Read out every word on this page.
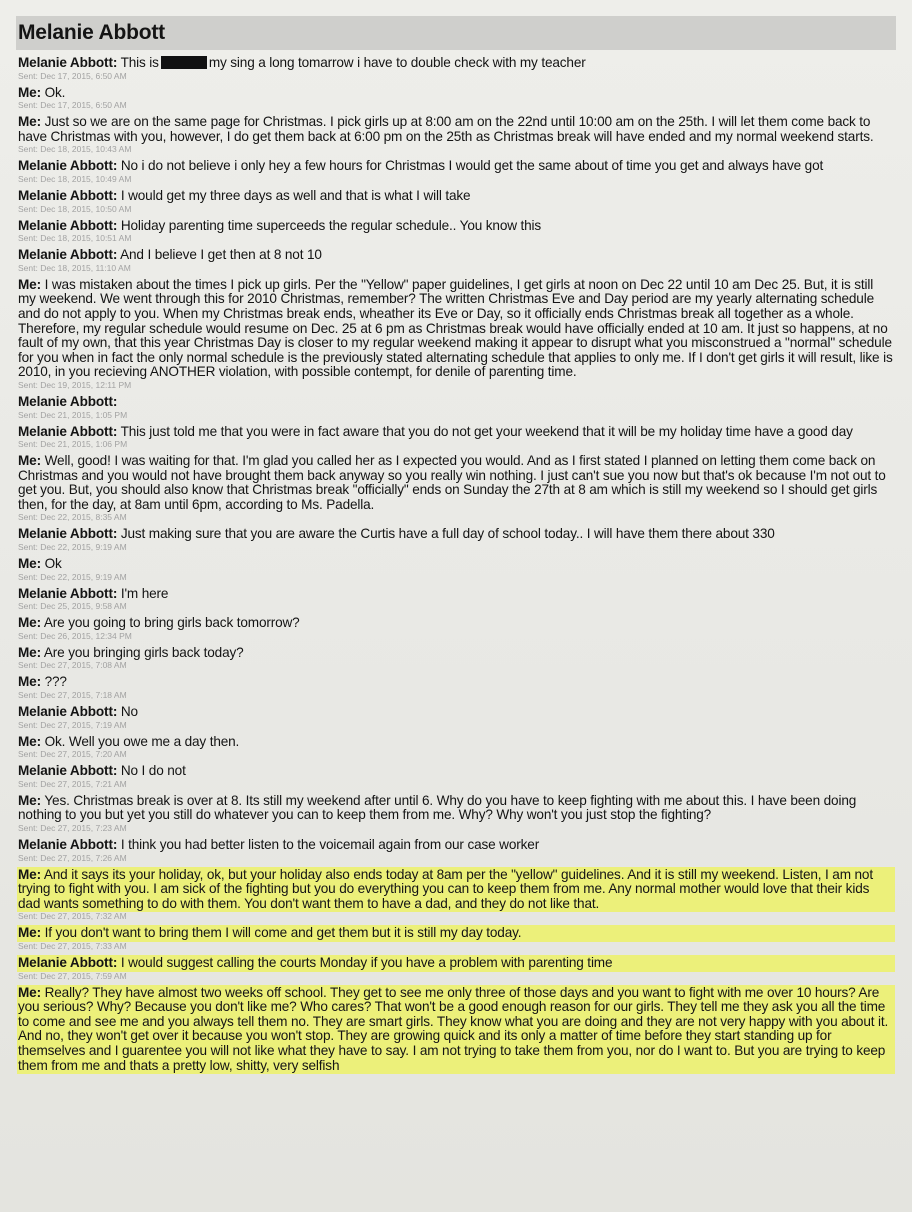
Melanie Abbott
Melanie Abbott: This is	my sing a long tomarrow i have to double check with my teacher
Sent: Dec 17, 2015, 6:50 AM
Me: Ok.
Sent: Dec 17, 2015, 6:50 AM
Me: Just so we are on the same page for Christmas. I pick girls up at 8:00 am on the 22nd until 10:00 am on the 25th. I will let them come back to have Christmas with you, however, I do get them back at 6:00 pm on the 25th as Christmas break will have ended and my normal weekend starts.
Sent: Dec 18, 2015, 10:43 AM
Melanie Abbott: No i do not believe i only hey a few hours for Christmas I would get the same about of time you get and always have got
Sent: Dec 18, 2015, 10:49 AM
Melanie Abbott: I would get my three days as well and that is what I will take
Sent: Dec 18, 2015, 10:50 AM
Melanie Abbott: Holiday parenting time superceeds the regular schedule.. You know this
Sent: Dec 18, 2015, 10:51 AM
Melanie Abbott: And I believe I get then at 8 not 10
Sent: Dec 18, 2015, 11:10 AM
Me: I was mistaken about the times I pick up girls. Per the "Yellow" paper guidelines, I get girls at noon on Dec 22 until 10 am Dec 25. But, it is still my weekend. We went through this for 2010 Christmas, remember? The written Christmas Eve and Day period are my yearly alternating schedule and do not apply to you. When my Christmas break ends, wheather its Eve or Day, so it officially ends Christmas break all together as a whole. Therefore, my regular schedule would resume on Dec. 25 at 6 pm as Christmas break would have officially ended at 10 am. It just so happens, at no fault of my own, that this year Christmas Day is closer to my regular weekend making it appear to disrupt what you misconstrued a "normal" schedule for you when in fact the only normal schedule is the previously stated alternating schedule that applies to only me. If I don't get girls it will result, like is 2010, in you recieving ANOTHER violation, with possible contempt, for denile of parenting time.
Sent: Dec 19, 2015, 12:11 PM
Melanie Abbott:
Sent: Dec 21, 2015, 1:05 PM
Melanie Abbott: This just told me that you were in fact aware that you do not get your weekend that it will be my holiday time have a good day
Sent: Dec 21, 2015, 1:06 PM
Me: Well, good! I was waiting for that. I'm glad you called her as I expected you would. And as I first stated I planned on letting them come back on Christmas and you would not have brought them back anyway so you really win nothing. I just can't sue you now but that's ok because I'm not out to get you. But, you should also know that Christmas break "officially" ends on Sunday the 27th at 8 am which is still my weekend so I should get girls then, for the day, at 8am until 6pm, according to Ms. Padella.
Sent: Dec 22, 2015, 8:35 AM
Melanie Abbott: Just making sure that you are aware the Curtis have a full day of school today.. I will have them there about 330
Sent: Dec 22, 2015, 9:19 AM
Me: Ok
Sent: Dec 22, 2015, 9:19 AM
Melanie Abbott: I'm here
Sent: Dec 25, 2015, 9:58 AM
Me: Are you going to bring girls back tomorrow?
Sent: Dec 26, 2015, 12:34 PM
Me: Are you bringing girls back today?
Sent: Dec 27, 2015, 7:08 AM
Me: ???
Sent: Dec 27, 2015, 7:18 AM
Melanie Abbott: No
Sent: Dec 27, 2015, 7:19 AM
Me: Ok. Well you owe me a day then.
Sent: Dec 27, 2015, 7:20 AM
Melanie Abbott: No I do not
Sent: Dec 27, 2015, 7:21 AM
Me: Yes. Christmas break is over at 8. Its still my weekend after until 6. Why do you have to keep fighting with me about this. I have been doing nothing to you but yet you still do whatever you can to keep them from me. Why? Why won't you just stop the fighting?
Sent: Dec 27, 2015, 7:23 AM
Melanie Abbott: I think you had better listen to the voicemail again from our case worker
Sent: Dec 27, 2015, 7:26 AM
Me: And it says its your holiday, ok, but your holiday also ends today at 8am per the "yellow" guidelines. And it is still my weekend. Listen, I am not trying to fight with you. I am sick of the fighting but you do everything you can to keep them from me. Any normal mother would love that their kids dad wants something to do with them. You don't want them to have a dad, and they do not like that.
Sent: Dec 27, 2015, 7:32 AM
Me: If you don't want to bring them I will come and get them but it is still my day today.
Sent: Dec 27, 2015, 7:33 AM
Melanie Abbott: I would suggest calling the courts Monday if you have a problem with parenting time
Sent: Dec 27, 2015, 7:59 AM
Me: Really? They have almost two weeks off school. They get to see me only three of those days and you want to fight with me over 10 hours? Are you serious? Why? Because you don't like me? Who cares? That won't be a good enough reason for our girls. They tell me they ask you all the time to come and see me and you always tell them no. They are smart girls. They know what you are doing and they are not very happy with you about it. And no, they won't get over it because you won't stop. They are growing quick and its only a matter of time before they start standing up for themselves and I guarentee you will not like what they have to say. I am not trying to take them from you, nor do I want to. But you are trying to keep them from me and thats a pretty low, shitty, very selfish
